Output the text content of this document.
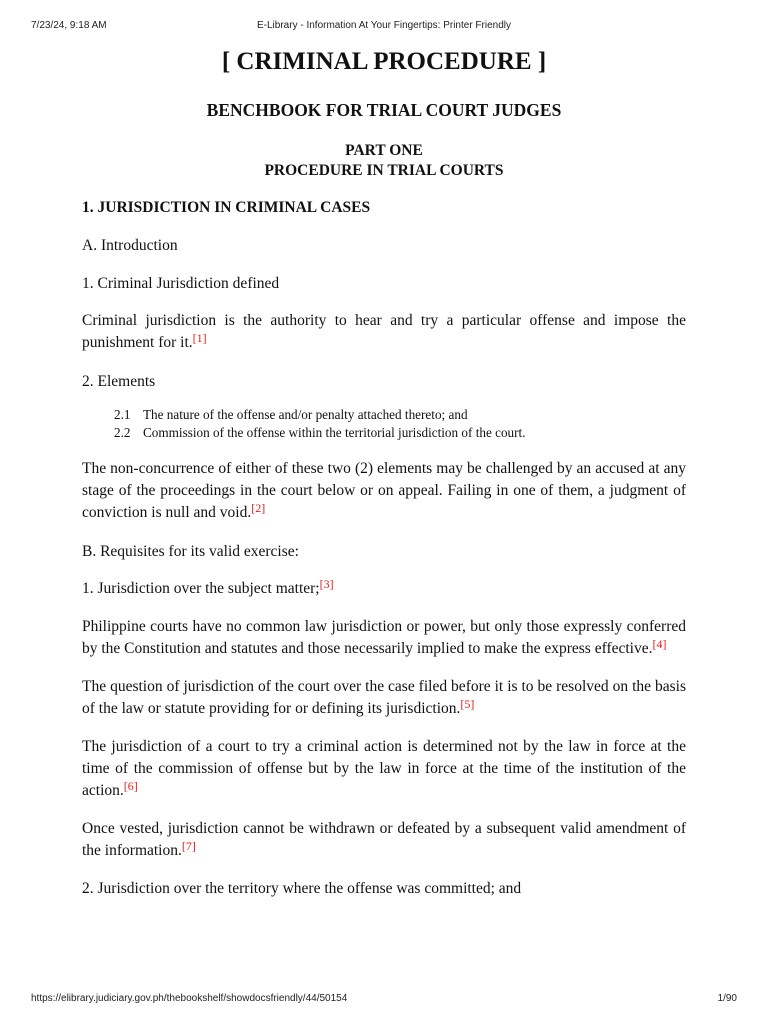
7/23/24, 9:18 AM	E-Library - Information At Your Fingertips: Printer Friendly
[ CRIMINAL PROCEDURE ]
BENCHBOOK FOR TRIAL COURT JUDGES
PART ONE
PROCEDURE IN TRIAL COURTS
1. JURISDICTION IN CRIMINAL CASES

A. Introduction

1. Criminal Jurisdiction defined

Criminal jurisdiction is the authority to hear and try a particular offense and impose the punishment for it.[1]

2. Elements

2.1 The nature of the offense and/or penalty attached thereto; and
2.2 Commission of the offense within the territorial jurisdiction of the court.

The non-concurrence of either of these two (2) elements may be challenged by an accused at any stage of the proceedings in the court below or on appeal. Failing in one of them, a judgment of conviction is null and void.[2]

B. Requisites for its valid exercise:

1. Jurisdiction over the subject matter;[3]

Philippine courts have no common law jurisdiction or power, but only those expressly conferred by the Constitution and statutes and those necessarily implied to make the express effective.[4]

The question of jurisdiction of the court over the case filed before it is to be resolved on the basis of the law or statute providing for or defining its jurisdiction.[5]

The jurisdiction of a court to try a criminal action is determined not by the law in force at the time of the commission of offense but by the law in force at the time of the institution of the action.[6]

Once vested, jurisdiction cannot be withdrawn or defeated by a subsequent valid amendment of the information.[7]

2. Jurisdiction over the territory where the offense was committed; and

https://elibrary.judiciary.gov.ph/thebookshelf/showdocsfriendly/44/50154	1/90
